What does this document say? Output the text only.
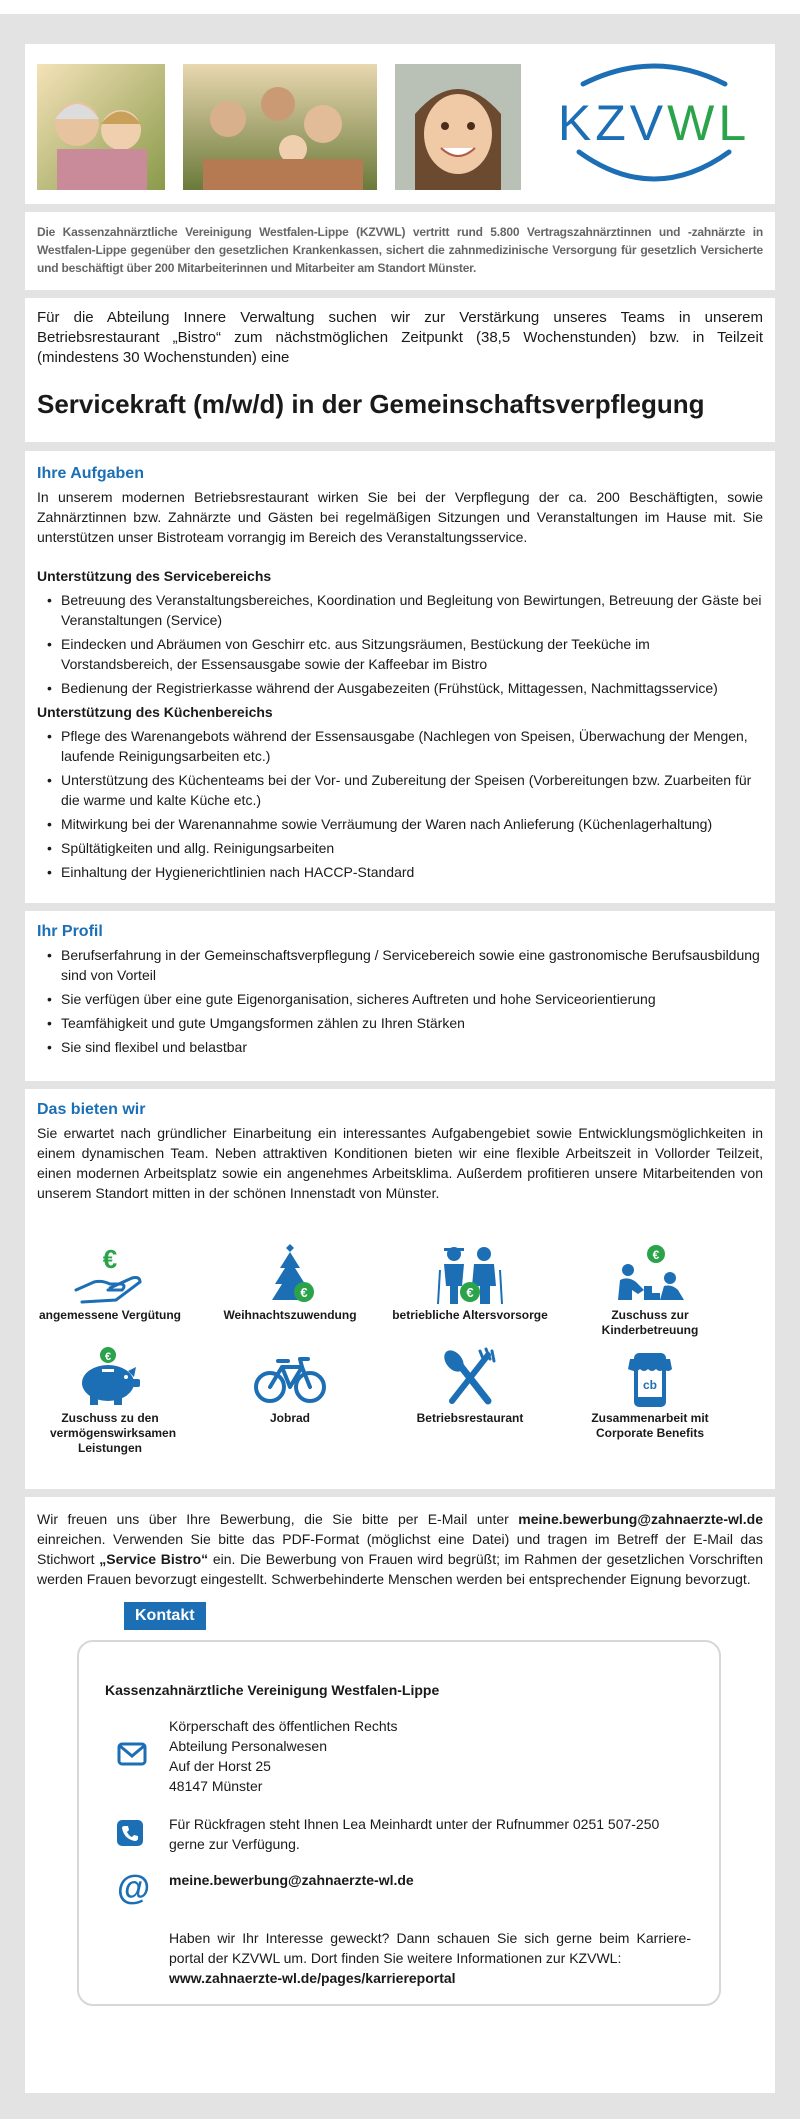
KZVWL

Die Kassenzahnärztliche Vereinigung Westfalen-Lippe (KZVWL) vertritt rund 5.800 Vertragszahnärztinnen und -zahnärzte in Westfalen-Lippe gegenüber den gesetzlichen Krankenkassen, sichert die zahnmedizinische Versorgung für gesetzlich Versicherte und beschäftigt über 200 Mitarbeiterinnen und Mitarbeiter am Standort Münster.

Für die Abteilung Innere Verwaltung suchen wir zur Verstärkung unseres Teams in unserem Betriebsrestaurant „Bistro“ zum nächstmöglichen Zeitpunkt (38,5 Wochenstunden) bzw. in Teilzeit (mindestens 30 Wochenstunden) eine

Servicekraft (m/w/d) in der Gemeinschaftsverpflegung
Ihre Aufgaben

In unserem modernen Betriebsrestaurant wirken Sie bei der Verpflegung der ca. 200 Beschäftigten, sowie Zahnärztinnen bzw. Zahnärzte und Gästen bei regelmäßigen Sitzungen und Veranstaltungen im Hause mit. Sie unterstützen unser Bistroteam vorrangig im Bereich des Veranstaltungsservice.

Unterstützung des Servicebereichs

• Betreuung des Veranstaltungsbereiches, Koordination und Begleitung von Bewirtungen, Betreuung der Gäste bei Veranstaltungen (Service)
• Eindecken und Abräumen von Geschirr etc. aus Sitzungsräumen, Bestückung der Teeküche im Vorstandsbereich, der Essensausgabe sowie der Kaffeebar im Bistro
• Bedienung der Registrierkasse während der Ausgabezeiten (Frühstück, Mittagessen, Nachmittagsservice)

Unterstützung des Küchenbereichs

• Pflege des Warenangebots während der Essensausgabe (Nachlegen von Speisen, Überwachung der Mengen, laufende Reinigungsarbeiten etc.)
• Unterstützung des Küchenteams bei der Vor- und Zubereitung der Speisen (Vorbereitungen bzw. Zuarbeiten für die warme und kalte Küche etc.)
• Mitwirkung bei der Warenannahme sowie Verräumung der Waren nach Anlieferung (Küchenlagerhaltung)
• Spültätigkeiten und allg. Reinigungsarbeiten
• Einhaltung der Hygienerichtlinien nach HACCP-Standard
Ihr Profil
• Berufserfahrung in der Gemeinschaftsverpflegung / Servicebereich sowie eine gastronomische Berufsausbildung sind von Vorteil
• Sie verfügen über eine gute Eigenorganisation, sicheres Auftreten und hohe Serviceorientierung
• Teamfähigkeit und gute Umgangsformen zählen zu Ihren Stärken
• Sie sind flexibel und belastbar
Das bieten wir

Sie erwartet nach gründlicher Einarbeitung ein interessantes Aufgabengebiet sowie Entwicklungsmöglichkeiten in einem dynamischen Team. Neben attraktiven Konditionen bieten wir eine flexible Arbeitszeit in Vollorder Teilzeit, einen modernen Arbeitsplatz sowie ein angenehmes Arbeitsklima. Außerdem profitieren unsere Mitarbeitenden von unserem Standort mitten in der schönen Innenstadt von Münster.

€
angemessene Vergütung
€
Weihnachtszuwendung
€
betriebliche Altersvorsorge
€
Zuschuss zur Kinderbetreuung
€
Zuschuss zu den vermögenswirksamen Leistungen
Jobrad	Betriebsrestaurant
cb
Zusammenarbeit mit Corporate Benefits

Wir freuen uns über Ihre Bewerbung, die Sie bitte per E-Mail unter meine.bewerbung@zahnaerzte-wl.de einreichen. Verwenden Sie bitte das PDF-Format (möglichst eine Datei) und tragen im Betreff der E-Mail das Stichwort „Service Bistro“ ein. Die Bewerbung von Frauen wird begrüßt; im Rahmen der gesetzlichen Vorschriften werden Frauen bevorzugt eingestellt. Schwerbehinderte Menschen werden bei entsprechender Eignung bevorzugt.

Kontakt

Kassenzahnärztliche Vereinigung Westfalen-Lippe

Körperschaft des öffentlichen Rechts

Abteilung Personalwesen

Auf der Horst 25

48147 Münster

Für Rückfragen steht Ihnen Lea Meinhardt unter der Rufnummer 0251 507-250 gerne zur Verfügung.

@ meine.bewerbung@zahnaerzte-wl.de

Haben wir Ihr Interesse geweckt? Dann schauen Sie sich gerne beim Karriere-portal der KZVWL um. Dort finden Sie weitere Informationen zur KZVWL:

www.zahnaerzte-wl.de/pages/karriereportal
